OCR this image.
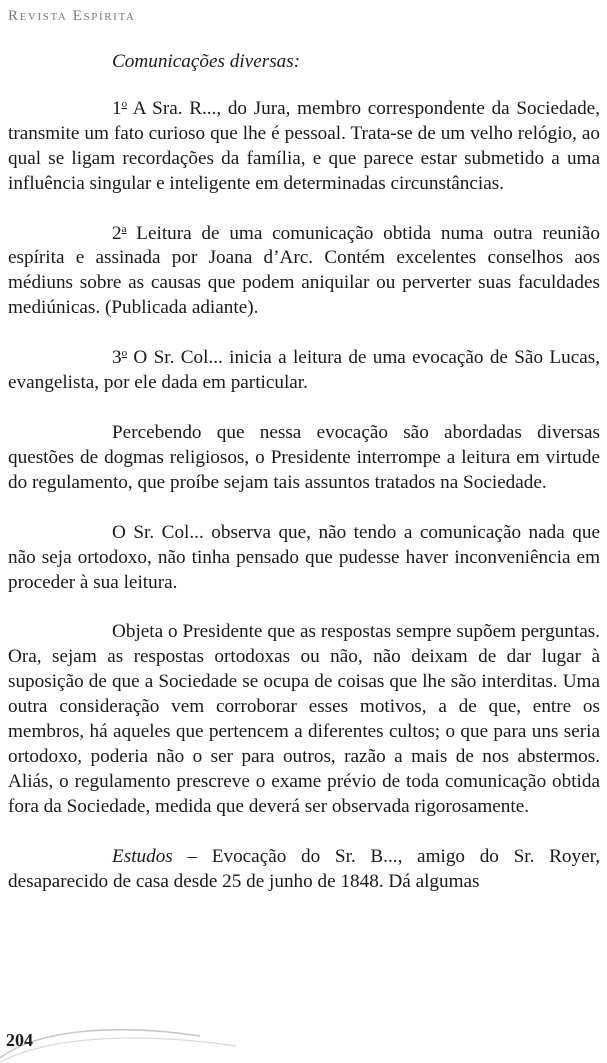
Revista Espírita
Comunicações diversas:

1$^o$ A Sra. R..., do Jura, membro correspondente da Sociedade, transmite um fato curioso que lhe é pessoal. Trata-se de um velho relógio, ao qual se ligam recordações da família, e que parece estar submetido a uma influência singular e inteligente em determinadas circunstâncias.

2$^a$ Leitura de uma comunicação obtida numa outra reunião espírita e assinada por Joana d’Arc. Contém excelentes conselhos aos médiuns sobre as causas que podem aniquilar ou perverter suas faculdades mediúnicas. (Publicada adiante).

3$^o$ O Sr. Col... inicia a leitura de uma evocação de São Lucas, evangelista, por ele dada em particular.

Percebendo que nessa evocação são abordadas diversas questões de dogmas religiosos, o Presidente interrompe a leitura em virtude do regulamento, que proíbe sejam tais assuntos tratados na Sociedade.

O Sr. Col... observa que, não tendo a comunicação nada que não seja ortodoxo, não tinha pensado que pudesse haver inconveniência em proceder à sua leitura.

Objeta o Presidente que as respostas sempre supõem perguntas. Ora, sejam as respostas ortodoxas ou não, não deixam de dar lugar à suposição de que a Sociedade se ocupa de coisas que lhe são interditas. Uma outra consideração vem corroborar esses motivos, a de que, entre os membros, há aqueles que pertencem a diferentes cultos; o que para uns seria ortodoxo, poderia não o ser para outros, razão a mais de nos abstermos. Aliás, o regulamento prescreve o exame prévio de toda comunicação obtida fora da Sociedade, medida que deverá ser observada rigorosamente.

Estudos – Evocação do Sr. B..., amigo do Sr. Royer, desaparecido de casa desde 25 de junho de 1848. Dá algumas

204
